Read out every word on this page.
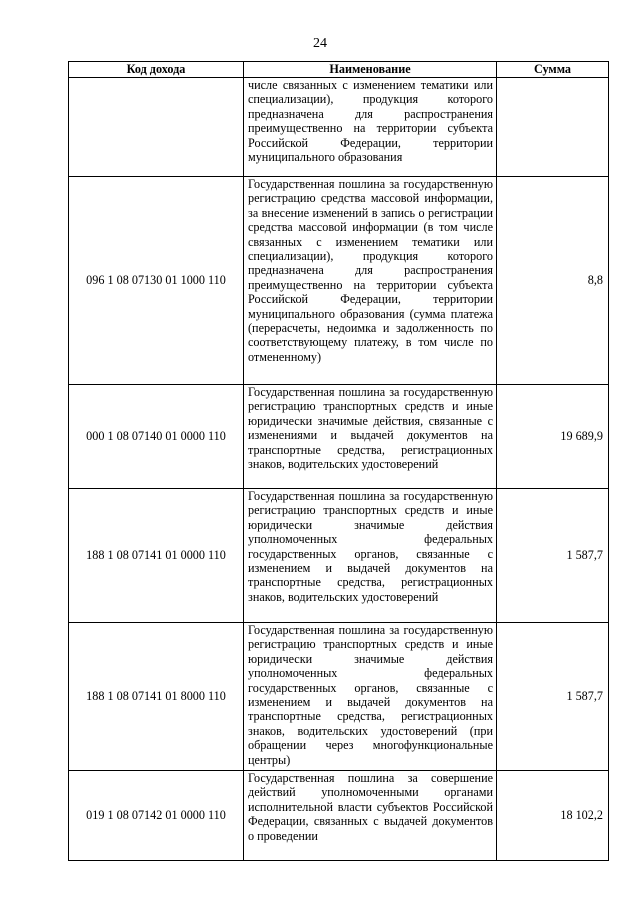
24
Код дохода	Наименование	Сумма
	числе связанных с изменением тематики или специализации), продукция которого предназначена для распространения преимущественно на территории субъекта Российской Федерации, территории муниципального образования	
096 1 08 07130 01 1000 110	Государственная пошлина за государственную регистрацию средства массовой информации, за внесение изменений в запись о регистрации средства массовой информации (в том числе связанных с изменением тематики или специализации), продукция которого предназначена для распространения преимущественно на территории субъекта Российской Федерации, территории муниципального образования (сумма платежа (перерасчеты, недоимка и задолженность по соответствующему платежу, в том числе по отмененному)	8,8
000 1 08 07140 01 0000 110	Государственная пошлина за государственную регистрацию транспортных средств и иные юридически значимые действия, связанные с изменениями и выдачей документов на транспортные средства, регистрационных знаков, водительских удостоверений	19 689,9
188 1 08 07141 01 0000 110	Государственная пошлина за государственную регистрацию транспортных средств и иные юридически значимые действия уполномоченных федеральных государственных органов, связанные с изменением и выдачей документов на транспортные средства, регистрационных знаков, водительских удостоверений	1 587,7
188 1 08 07141 01 8000 110	Государственная пошлина за государственную регистрацию транспортных средств и иные юридически значимые действия уполномоченных федеральных государственных органов, связанные с изменением и выдачей документов на транспортные средства, регистрационных знаков, водительских удостоверений (при обращении через многофункциональные центры)	1 587,7
019 1 08 07142 01 0000 110	Государственная пошлина за совершение действий уполномоченными органами исполнительной власти субъектов Российской Федерации, связанных с выдачей документов о проведении	18 102,2
